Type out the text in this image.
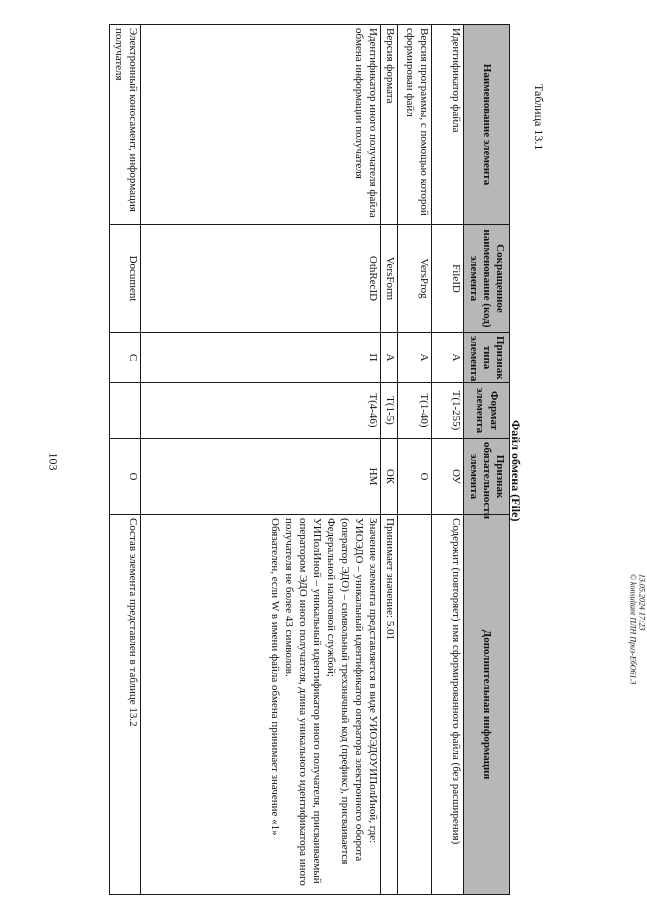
103
Таблица 13.1
Файл обмена (File)
Наименование элемента	Сокращенное наименование (код) элемента	Признак типа элемента	Формат элемента	Признак обязательности элемента	Дополнительная информация
Идентификатор файла	FileID	A	T(1-255)	ОУ	Содержит (повторяет) имя сформированного файла (без расширения)

Версия программы, с помощью которой сформирован файл	VersProg	A	T(1-40)	О	

Версия формата	VersForm	A	T(1-5)	ОК	Принимает значение: 5.01

Идентификатор иного получателя файла обмена информации получателя	OthRecID	П	T(4-46)	НМ	Значение элемента представляется в виде УИОЭДОУИПолИной, где:
УИОЭДО – уникальный идентификатор оператора электронного оборота (оператор ЭДО) – символьный трехзначный код (префикс), присваивается Федеральной налоговой службой;
УИПолИной – уникальный идентификатор иного получателя, присваиваемый оператором ЭДО иного получателя, длина уникального идентификатора иного получателя не более 43 символов.
Обязателен, если W в имени файла обмена принимает значение «1»

Электронный коносамент, информация получателя	Document	С		О	Состав элемента представлен в таблице 13.2	13.05.2024 17:23
© konsultant ПЛН Приз-ЕбО61.3
